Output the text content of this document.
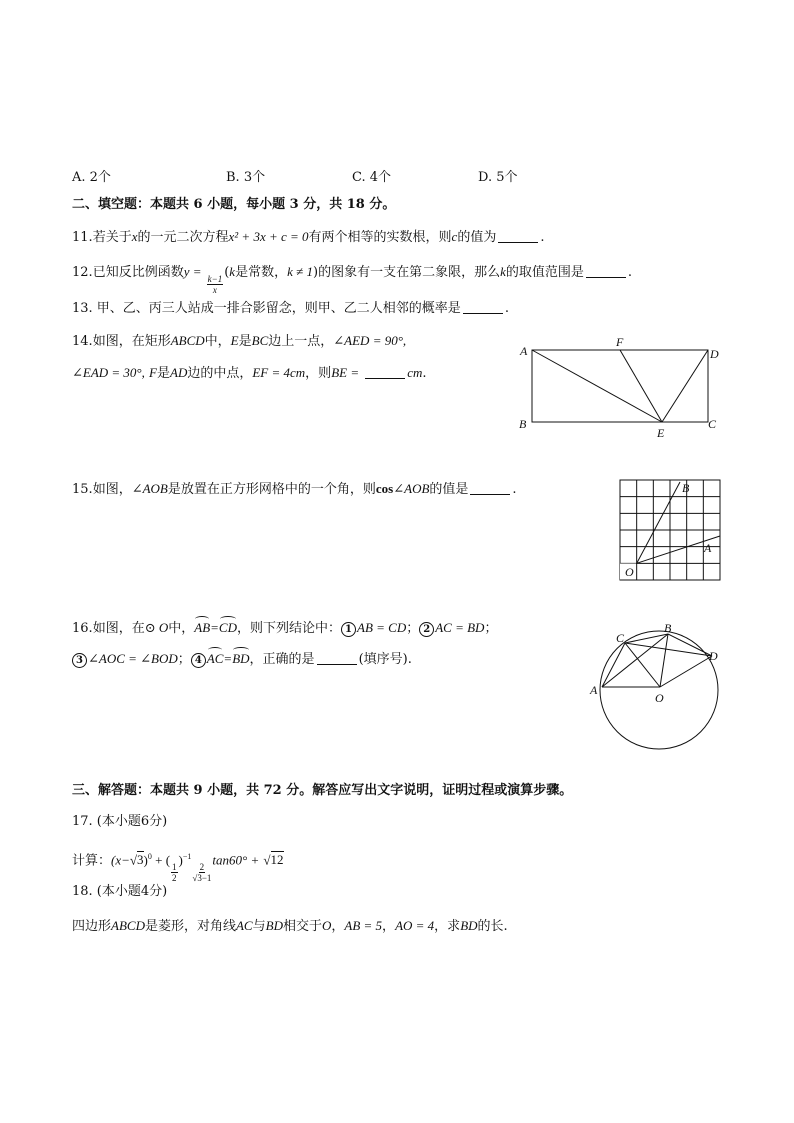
A. 2个	B. 3个	C. 4个	D. 5个
二、填空题：本题共 6 小题，每小题 3 分，共 18 分。
11.若关于x的一元二次方程x² + 3x + c = 0有两个相等的实数根，则c的值为	.
12.已知反比例函数y =
$\frac{k-1}{x}$
(k是常数，k ≠ 1)的图象有一支在第二象限，那么k的取值范围是	.
13. 甲、乙、丙三人站成一排合影留念，则甲、乙二人相邻的概率是	.
14.如图，在矩形ABCD中，E是BC边上一点，∠AED = 90°,
∠EAD = 30°, F是AD边的中点，EF = 4cm，则BE =	cm.
A
F
D
B
E
C
15.如图，∠AOB是放置在正方形网格中的一个角，则cos∠AOB的值是	.	B
A
O
16.如图，在⊙ O中，AB=CD，则下列结论中： 1 AB = CD； 2 AC = BD；
3 ∠AOC = ∠BOD； 4 AC=BD，正确的是	(填序号).
C
B
D
A
O
三、解答题：本题共 9 小题，共 72 分。解答应写出文字说明，证明过程或演算步骤。
17. (本小题6分)
计算：$(x-√3)^0$ + (
$\frac{1}{2}$
)$^{-1}$
$\frac{2}{√3-1}$
tan60° + √12
18. (本小题4分)
四边形ABCD是菱形，对角线AC与BD相交于O，AB = 5，AO = 4，求BD的长.
